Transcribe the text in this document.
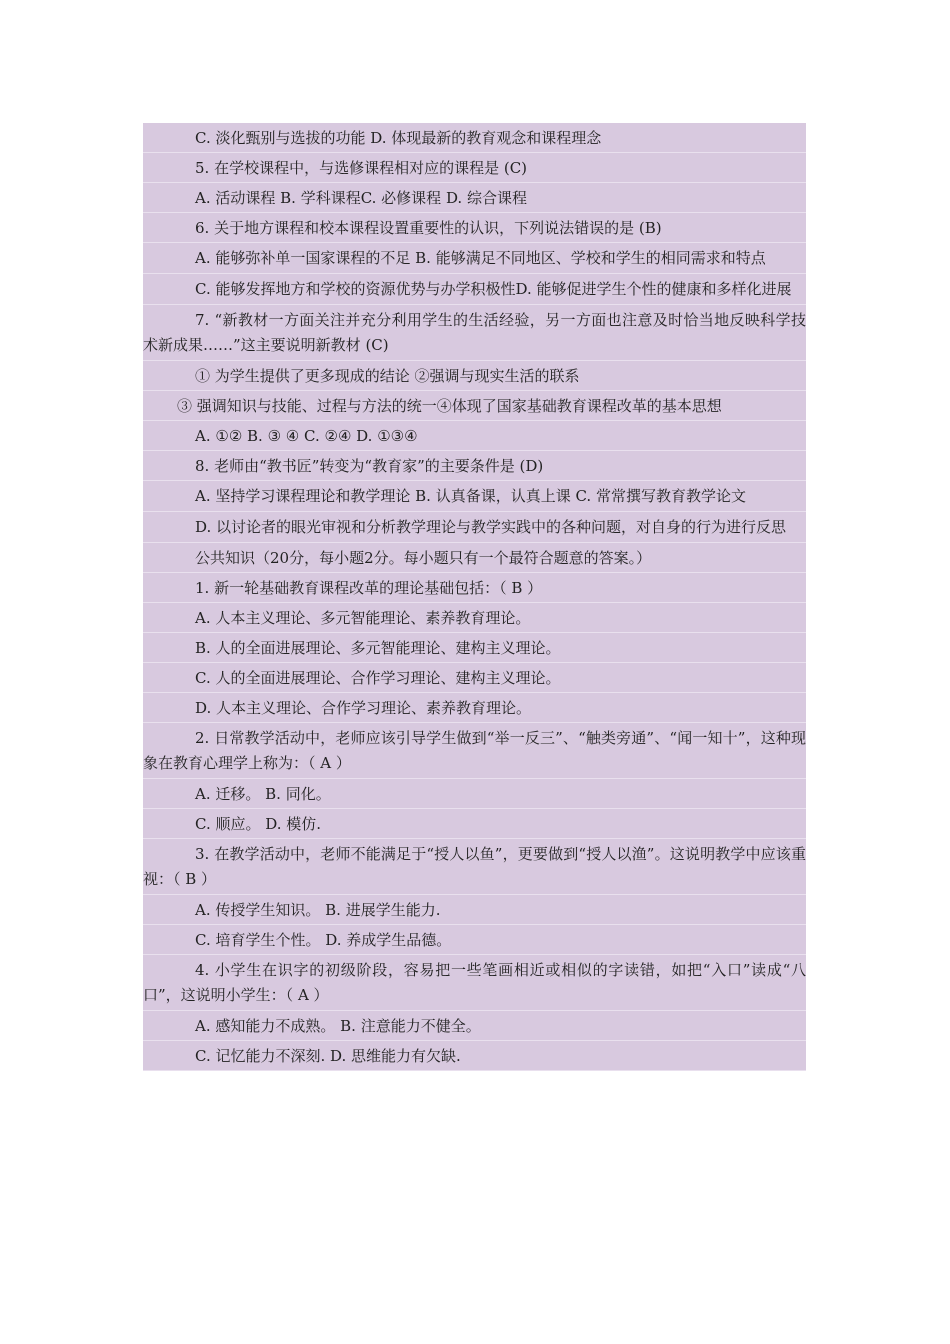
C. 淡化甄别与选拔的功能 D. 体现最新的教育观念和课程理念
5. 在学校课程中，与选修课程相对应的课程是 (C)
A. 活动课程 B. 学科课程C. 必修课程 D. 综合课程
6. 关于地方课程和校本课程设置重要性的认识，下列说法错误的是 (B)
A. 能够弥补单一国家课程的不足 B. 能够满足不同地区、学校和学生的相同需求和特点
C. 能够发挥地方和学校的资源优势与办学积极性D. 能够促进学生个性的健康和多样化进展
7. “新教材一方面关注并充分利用学生的生活经验，另一方面也注意及时恰当地反映科学技术新成果……”这主要说明新教材 (C)
① 为学生提供了更多现成的结论 ②强调与现实生活的联系
③ 强调知识与技能、过程与方法的统一④体现了国家基础教育课程改革的基本思想
A. ①② B. ③ ④ C. ②④ D. ①③④
8. 老师由“教书匠”转变为“教育家”的主要条件是 (D)
A. 坚持学习课程理论和教学理论 B. 认真备课，认真上课 C. 常常撰写教育教学论文
D. 以讨论者的眼光审视和分析教学理论与教学实践中的各种问题，对自身的行为进行反思
公共知识（20分，每小题2分。每小题只有一个最符合题意的答案。）
1. 新一轮基础教育课程改革的理论基础包括：（ B ）
A. 人本主义理论、多元智能理论、素养教育理论。
B. 人的全面进展理论、多元智能理论、建构主义理论。
C. 人的全面进展理论、合作学习理论、建构主义理论。
D. 人本主义理论、合作学习理论、素养教育理论。
2. 日常教学活动中，老师应该引导学生做到“举一反三”、“触类旁通”、“闻一知十”，这种现象在教育心理学上称为：（ A ）
A. 迁移。 B. 同化。
C. 顺应。 D. 模仿.
3. 在教学活动中，老师不能满足于“授人以鱼”，更要做到“授人以渔”。这说明教学中应该重视：（ B ）
A. 传授学生知识。 B. 进展学生能力.
C. 培育学生个性。 D. 养成学生品德。
4. 小学生在识字的初级阶段，容易把一些笔画相近或相似的字读错，如把“入口”读成“八口”，这说明小学生：（ A ）
A. 感知能力不成熟。 B. 注意能力不健全。
C. 记忆能力不深刻. D. 思维能力有欠缺.
